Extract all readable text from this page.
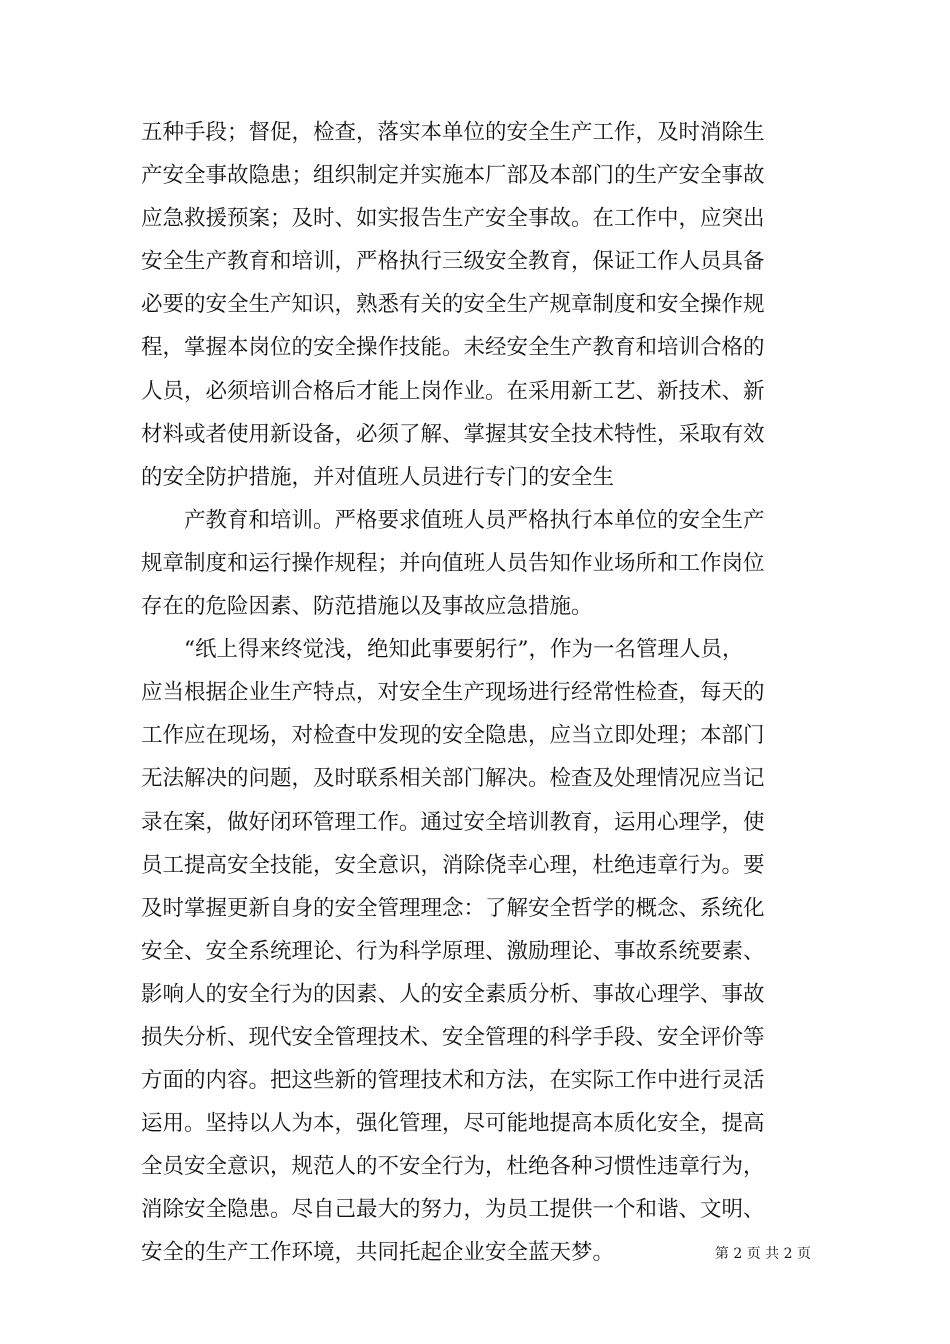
五种手段；督促，检查，落实本单位的安全生产工作，及时消除生
产安全事故隐患；组织制定并实施本厂部及本部门的生产安全事故
应急救援预案；及时、如实报告生产安全事故。在工作中，应突出
安全生产教育和培训，严格执行三级安全教育，保证工作人员具备
必要的安全生产知识，熟悉有关的安全生产规章制度和安全操作规
程，掌握本岗位的安全操作技能。未经安全生产教育和培训合格的
人员，必须培训合格后才能上岗作业。在采用新工艺、新技术、新
材料或者使用新设备，必须了解、掌握其安全技术特性，采取有效
的安全防护措施，并对值班人员进行专门的安全生
产教育和培训。严格要求值班人员严格执行本单位的安全生产
规章制度和运行操作规程；并向值班人员告知作业场所和工作岗位
存在的危险因素、防范措施以及事故应急措施。
“纸上得来终觉浅，绝知此事要躬行”，作为一名管理人员，
应当根据企业生产特点，对安全生产现场进行经常性检查，每天的
工作应在现场，对检查中发现的安全隐患，应当立即处理；本部门
无法解决的问题，及时联系相关部门解决。检查及处理情况应当记
录在案，做好闭环管理工作。通过安全培训教育，运用心理学，使
员工提高安全技能，安全意识，消除侥幸心理，杜绝违章行为。要
及时掌握更新自身的安全管理理念：了解安全哲学的概念、系统化
安全、安全系统理论、行为科学原理、激励理论、事故系统要素、
影响人的安全行为的因素、人的安全素质分析、事故心理学、事故
损失分析、现代安全管理技术、安全管理的科学手段、安全评价等
方面的内容。把这些新的管理技术和方法，在实际工作中进行灵活
运用。坚持以人为本，强化管理，尽可能地提高本质化安全，提高
全员安全意识，规范人的不安全行为，杜绝各种习惯性违章行为，
消除安全隐患。尽自己最大的努力，为员工提供一个和谐、文明、
安全的生产工作环境，共同托起企业安全蓝天梦。	第 2 页 共 2 页
